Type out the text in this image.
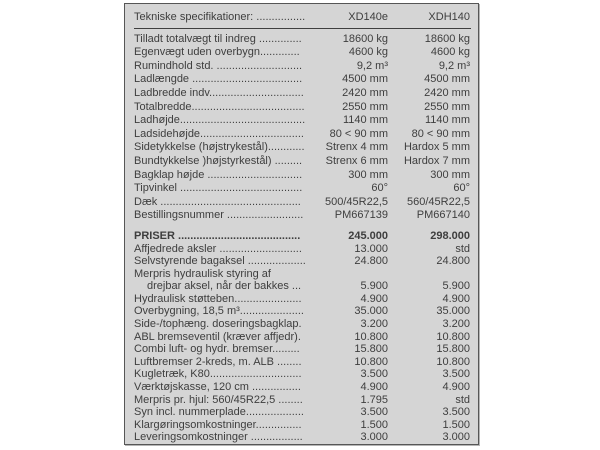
Tekniske specifikationer: ................	XD140e	XDH140
Tilladt totalvægt til indreg ..............	18600 kg	18600 kg
Egenvægt uden overbygn.............	4600 kg	4600 kg
Rumindhold std. ............................	9,2 m³	9,2 m³
Ladlængde ....................................	4500 mm	4500 mm
Ladbredde indv...............................	2420 mm	2420 mm
Totalbredde.....................................	2550 mm	2550 mm
Ladhøjde.........................................	1140 mm	1140 mm
Ladsidehøjde..................................	80 < 90 mm	80 < 90 mm
Sidetykkelse (højstrykestål)............	Strenx 4 mm	Hardox 5 mm
Bundtykkelse )højstyrkestål) .........	Strenx 6 mm	Hardox 7 mm
Bagklap højde ...............................	300 mm	300 mm
Tipvinkel ........................................	60°	60°
Dæk ..............................................	500/45R22,5	560/45R22,5
Bestillingsnummer .........................	PM667139	PM667140
PRISER ........................................	245.000	298.000
Affjedrede aksler ...........................	13.000	std
Selvstyrende bagaksel ...................	24.800	24.800
Merpris hydraulisk styring af
drejbar aksel, når der bakkes ...	5.900	5.900
Hydraulisk støtteben......................	4.900	4.900
Overbygning, 18,5 m³.....................	35.000	35.000
Side-/tophæng. doseringsbagklap.	3.200	3.200
ABL bremseventil (kræver affjedr).	10.800	10.800
Combi luft- og hydr. bremser.........	15.800	15.800
Luftbremser 2-kreds, m. ALB ........	10.800	10.800
Kugletræk, K80..............................	3.500	3.500
Værktøjskasse, 120 cm ................	4.900	4.900
Merpris pr. hjul: 560/45R22,5 ........	1.795	std
Syn incl. nummerplade...................	3.500	3.500
Klargøringsomkostninger...............	1.500	1.500
Leveringsomkostninger .................	3.000	3.000
